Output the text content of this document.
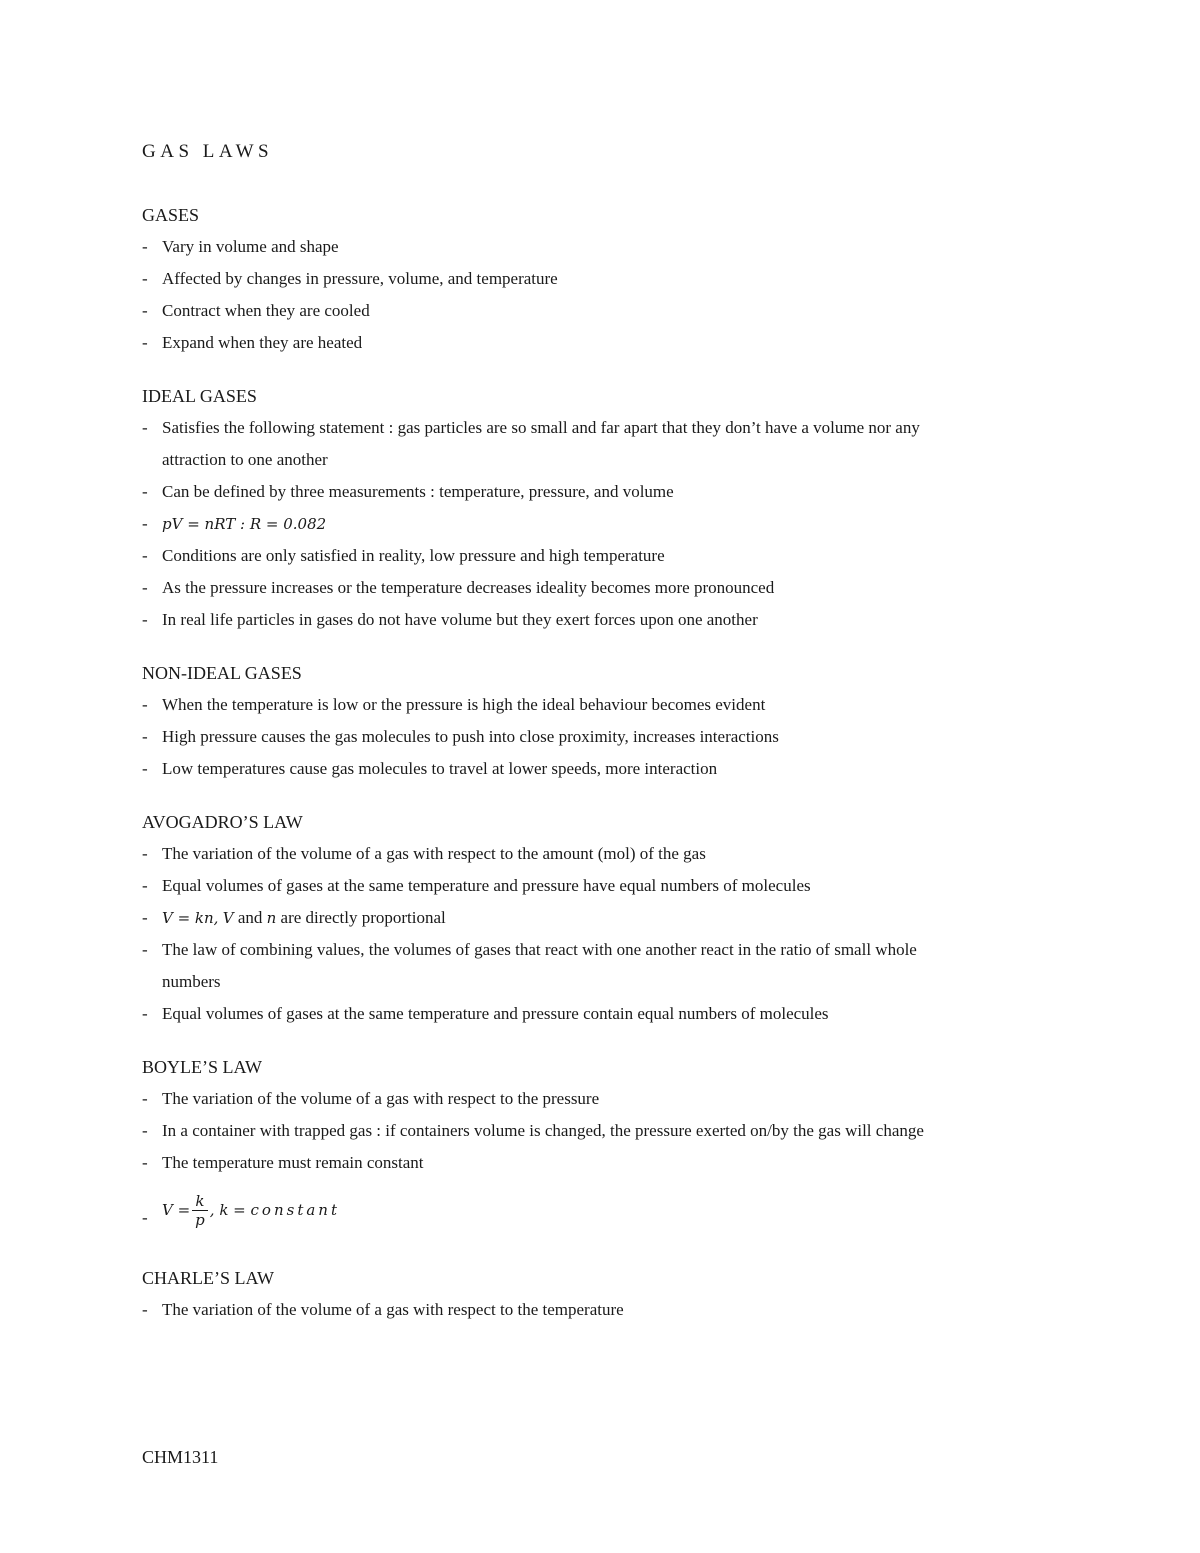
GAS LAWS
GASES
- Vary in volume and shape
- Affected by changes in pressure, volume, and temperature
- Contract when they are cooled
- Expand when they are heated
IDEAL GASES
- Satisfies the following statement : gas particles are so small and far apart that they don’t have a volume nor any
attraction to one another
- Can be defined by three measurements : temperature, pressure, and volume
- pV = nRT : R = 0.082
- Conditions are only satisfied in reality, low pressure and high temperature
- As the pressure increases or the temperature decreases ideality becomes more pronounced
- In real life particles in gases do not have volume but they exert forces upon one another
NON-IDEAL GASES
- When the temperature is low or the pressure is high the ideal behaviour becomes evident
- High pressure causes the gas molecules to push into close proximity, increases interactions
- Low temperatures cause gas molecules to travel at lower speeds, more interaction
AVOGADRO’S LAW
- The variation of the volume of a gas with respect to the amount (mol) of the gas
- Equal volumes of gases at the same temperature and pressure have equal numbers of molecules
- V = kn, V and n are directly proportional
- The law of combining values, the volumes of gases that react with one another react in the ratio of small whole
numbers
- Equal volumes of gases at the same temperature and pressure contain equal numbers of molecules
BOYLE’S LAW
- The variation of the volume of a gas with respect to the pressure
- In a container with trapped gas : if containers volume is changed, the pressure exerted on/by the gas will change
- The temperature must remain constant
- $V = \frac{k}{p}$ , k =
constant
CHARLE’S LAW
- The variation of the volume of a gas with respect to the temperature
CHM1311
